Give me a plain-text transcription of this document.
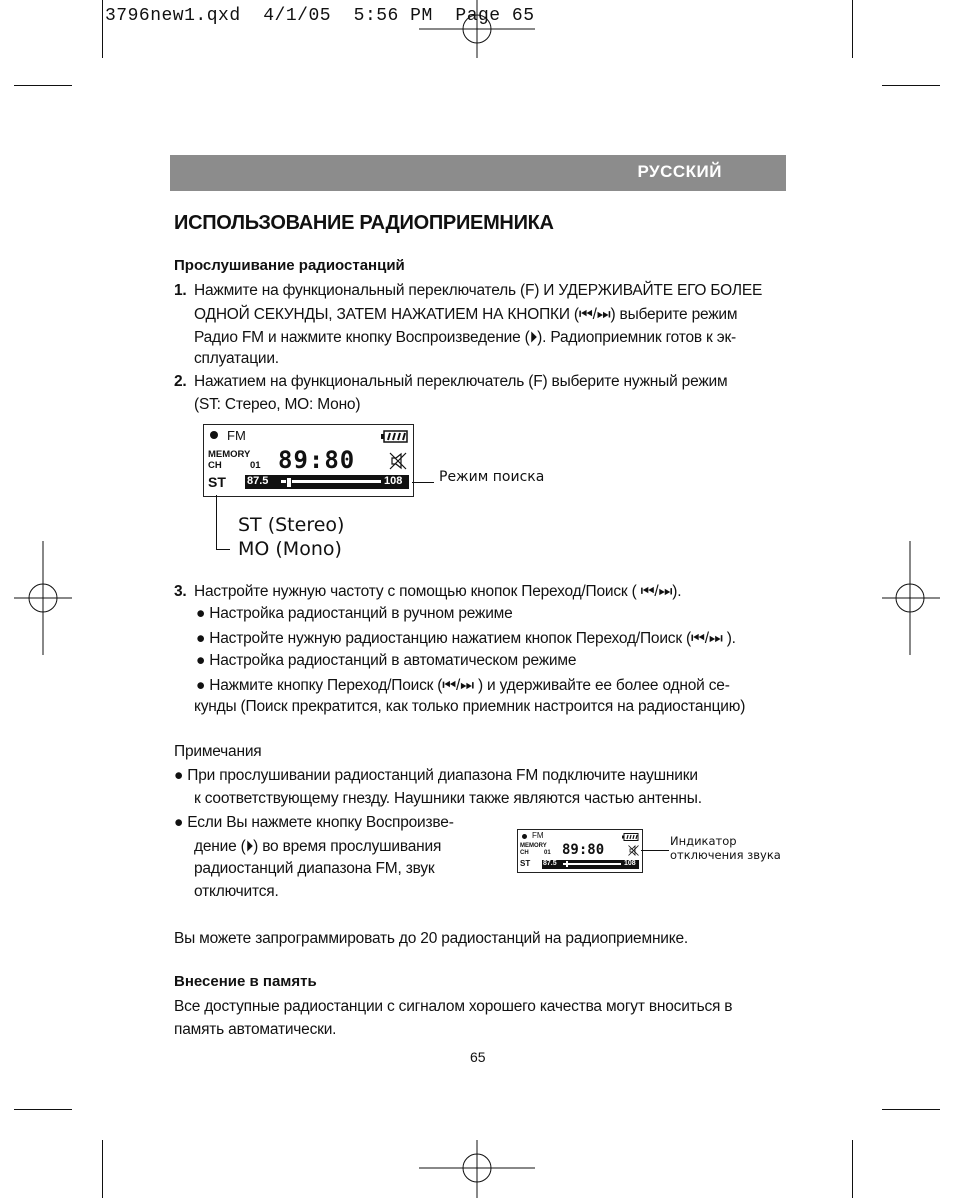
3796new1.qxd 4/1/05 5:56 PM Page 65
РУССКИЙ
ИСПОЛЬЗОВАНИЕ РАДИОПРИЕМНИКА
Прослушивание радиостанций
1. Нажмите на функциональный переключатель (F) И УДЕРЖИВАЙТЕ ЕГО БОЛЕЕ
ОДНОЙ СЕКУНДЫ, ЗАТЕМ НАЖАТИЕМ НА КНОПКИ (⏮/⏭) выберите режим
Радио FM и нажмите кнопку Воспроизведение (⏵). Радиоприемник готов к эк-
сплуатации.
2. Нажатием на функциональный переключатель (F) выберите нужный режим
(ST: Стерео, MO: Моно)
FM
MEMORY
CH	01 89:80
ST 87.5	108	Режим поиска
ST (Stereo)
MO (Mono)
3. Настройте нужную частоту с помощью кнопок Переход/Поиск ( ⏮/⏭).
● Настройка радиостанций в ручном режиме
● Настройте нужную радиостанцию нажатием кнопок Переход/Поиск (⏮/⏭ ).
● Настройка радиостанций в автоматическом режиме
● Нажмите кнопку Переход/Поиск (⏮/⏭ ) и удерживайте ее более одной се-
кунды (Поиск прекратится, как только приемник настроится на радиостанцию)
Примечания
● При прослушивании радиостанций диапазона FM подключите наушники
к соответствующему гнезду. Наушники также являются частью антенны.
● Если Вы нажмете кнопку Воспроизве-
дение (⏵) во время прослушивания
радиостанций диапазона FM, звук
отключится.
FM
MEMORY
CH	01 89:80
ST 87.5	108
Индикатор
отключения звука
Вы можете запрограммировать до 20 радиостанций на радиоприемнике.
Внесение в память
Все доступные радиостанции с сигналом хорошего качества могут вноситься в
память автоматически.
65
